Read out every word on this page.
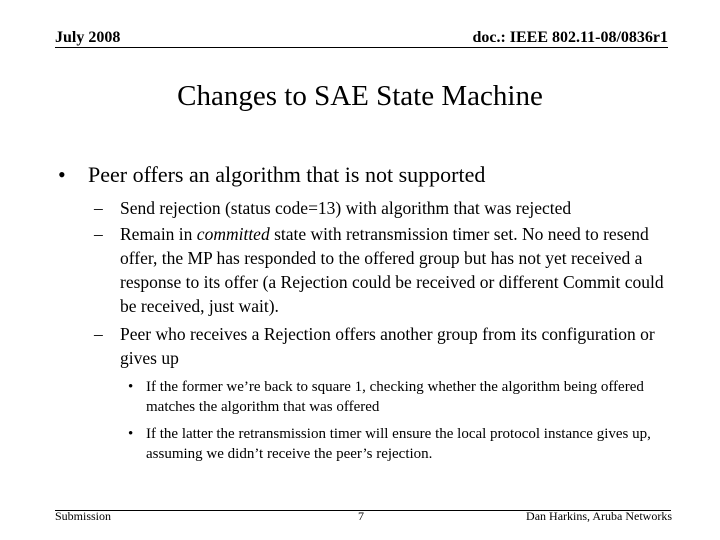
July 2008	doc.: IEEE 802.11-08/0836r1
Changes to SAE State Machine
• Peer offers an algorithm that is not supported
– Send rejection (status code=13) with algorithm that was rejected
– Remain in committed state with retransmission timer set. No need to resend offer, the MP has responded to the offered group but has not yet received a response to its offer (a Rejection could be received or different Commit could be received, just wait).
– Peer who receives a Rejection offers another group from its configuration or gives up
• If the former we’re back to square 1, checking whether the algorithm being offered matches the algorithm that was offered
• If the latter the retransmission timer will ensure the local protocol instance gives up, assuming we didn’t receive the peer’s rejection.
Submission	7	Dan Harkins, Aruba Networks
